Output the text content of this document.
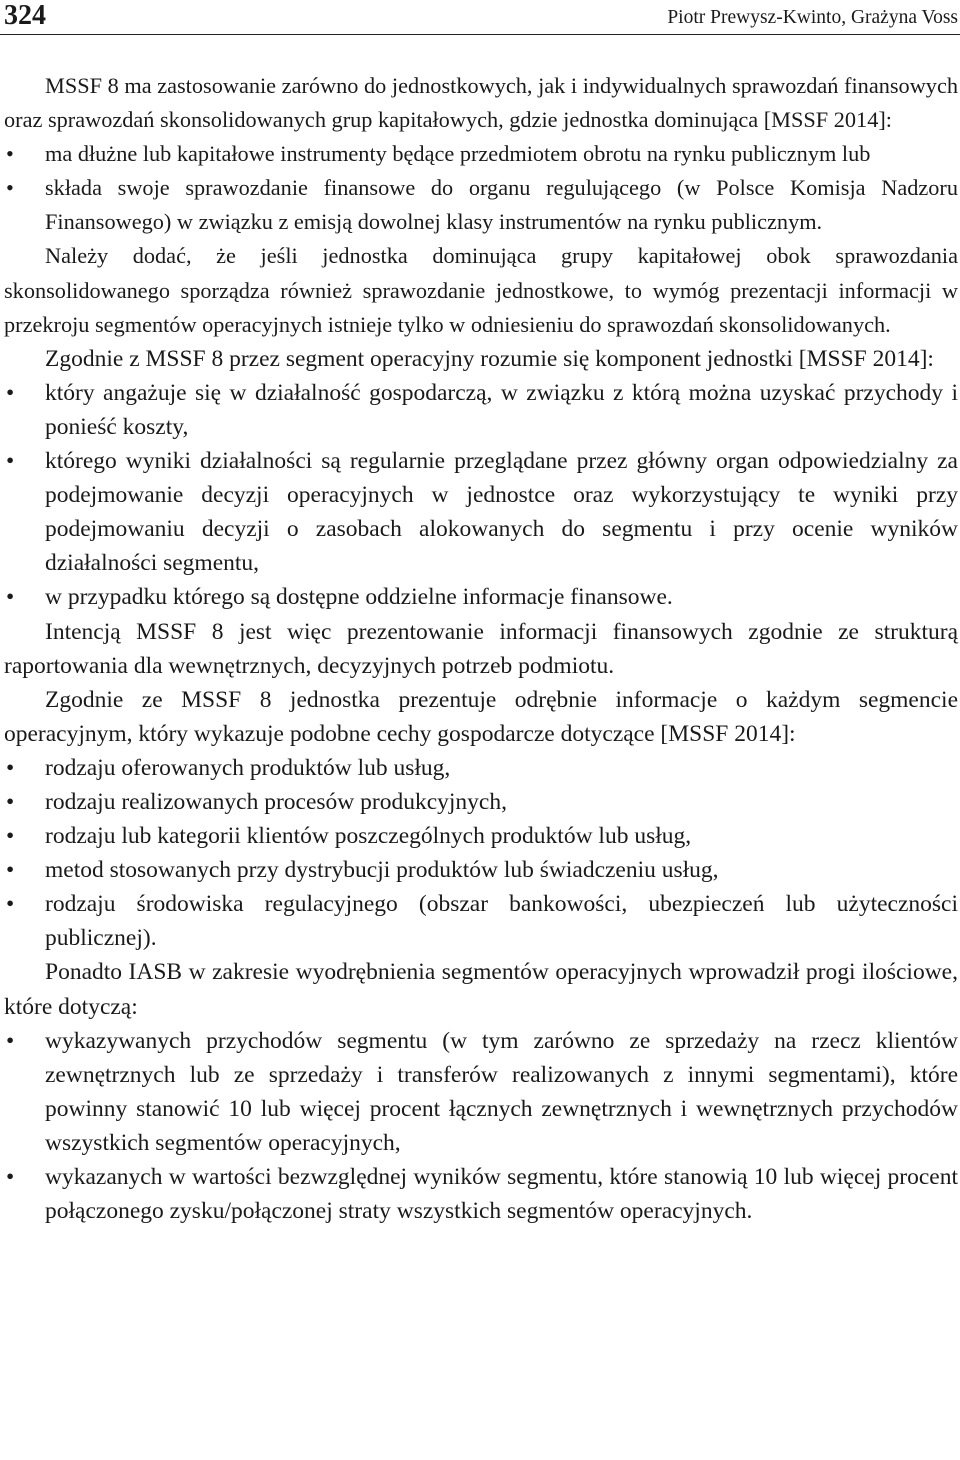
324	Piotr Prewysz-Kwinto, Grażyna Voss

MSSF 8 ma zastosowanie zarówno do jednostkowych, jak i indywidualnych sprawozdań finansowych oraz sprawozdań skonsolidowanych grup kapitałowych, gdzie jednostka dominująca [MSSF 2014]:

• ma dłużne lub kapitałowe instrumenty będące przedmiotem obrotu na rynku publicznym lub
• składa swoje sprawozdanie finansowe do organu regulującego (w Polsce Komisja Nadzoru Finansowego) w związku z emisją dowolnej klasy instrumentów na rynku publicznym.

Należy dodać, że jeśli jednostka dominująca grupy kapitałowej obok sprawozdania skonsolidowanego sporządza również sprawozdanie jednostkowe, to wymóg prezentacji informacji w przekroju segmentów operacyjnych istnieje tylko w odniesieniu do sprawozdań skonsolidowanych.

Zgodnie z MSSF 8 przez segment operacyjny rozumie się komponent jednostki [MSSF 2014]:

• który angażuje się w działalność gospodarczą, w związku z którą można uzyskać przychody i ponieść koszty,
• którego wyniki działalności są regularnie przeglądane przez główny organ odpowiedzialny za podejmowanie decyzji operacyjnych w jednostce oraz wykorzystujący te wyniki przy podejmowaniu decyzji o zasobach alokowanych do segmentu i przy ocenie wyników działalności segmentu,
• w przypadku którego są dostępne oddzielne informacje finansowe.

Intencją MSSF 8 jest więc prezentowanie informacji finansowych zgodnie ze strukturą raportowania dla wewnętrznych, decyzyjnych potrzeb podmiotu.

Zgodnie ze MSSF 8 jednostka prezentuje odrębnie informacje o każdym segmencie operacyjnym, który wykazuje podobne cechy gospodarcze dotyczące [MSSF 2014]:

• rodzaju oferowanych produktów lub usług,
• rodzaju realizowanych procesów produkcyjnych,
• rodzaju lub kategorii klientów poszczególnych produktów lub usług,
• metod stosowanych przy dystrybucji produktów lub świadczeniu usług,
• rodzaju środowiska regulacyjnego (obszar bankowości, ubezpieczeń lub użyteczności publicznej).

Ponadto IASB w zakresie wyodrębnienia segmentów operacyjnych wprowadził progi ilościowe, które dotyczą:

• wykazywanych przychodów segmentu (w tym zarówno ze sprzedaży na rzecz klientów zewnętrznych lub ze sprzedaży i transferów realizowanych z innymi segmentami), które powinny stanowić 10 lub więcej procent łącznych zewnętrznych i wewnętrznych przychodów wszystkich segmentów operacyjnych,
• wykazanych w wartości bezwzględnej wyników segmentu, które stanowią 10 lub więcej procent połączonego zysku/połączonej straty wszystkich segmentów operacyjnych.
